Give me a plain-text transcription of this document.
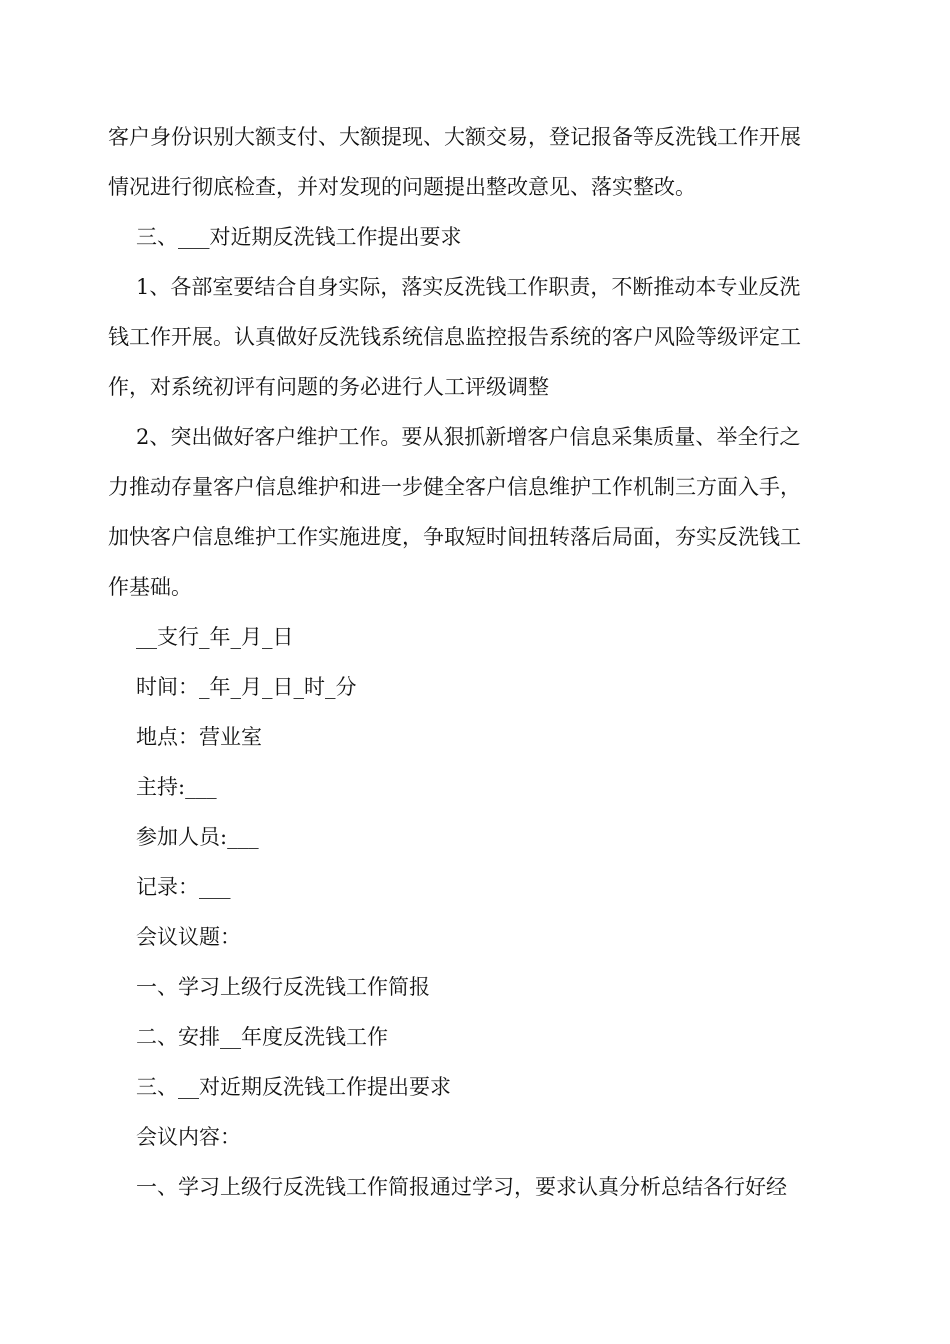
客户身份识别大额支付、大额提现、大额交易，登记报备等反洗钱工作开展

情况进行彻底检查，并对发现的问题提出整改意见、落实整改。

三、___对近期反洗钱工作提出要求

1、各部室要结合自身实际，落实反洗钱工作职责，不断推动本专业反洗

钱工作开展。认真做好反洗钱系统信息监控报告系统的客户风险等级评定工

作，对系统初评有问题的务必进行人工评级调整

2、突出做好客户维护工作。要从狠抓新增客户信息采集质量、举全行之

力推动存量客户信息维护和进一步健全客户信息维护工作机制三方面入手，

加快客户信息维护工作实施进度，争取短时间扭转落后局面，夯实反洗钱工

作基础。

__支行_年_月_日

时间：_年_月_日_时_分

地点：营业室

主持:___

参加人员:___

记录：___

会议议题：

一、学习上级行反洗钱工作简报

二、安排__年度反洗钱工作

三、__对近期反洗钱工作提出要求

会议内容：

一、学习上级行反洗钱工作简报通过学习，要求认真分析总结各行好经
